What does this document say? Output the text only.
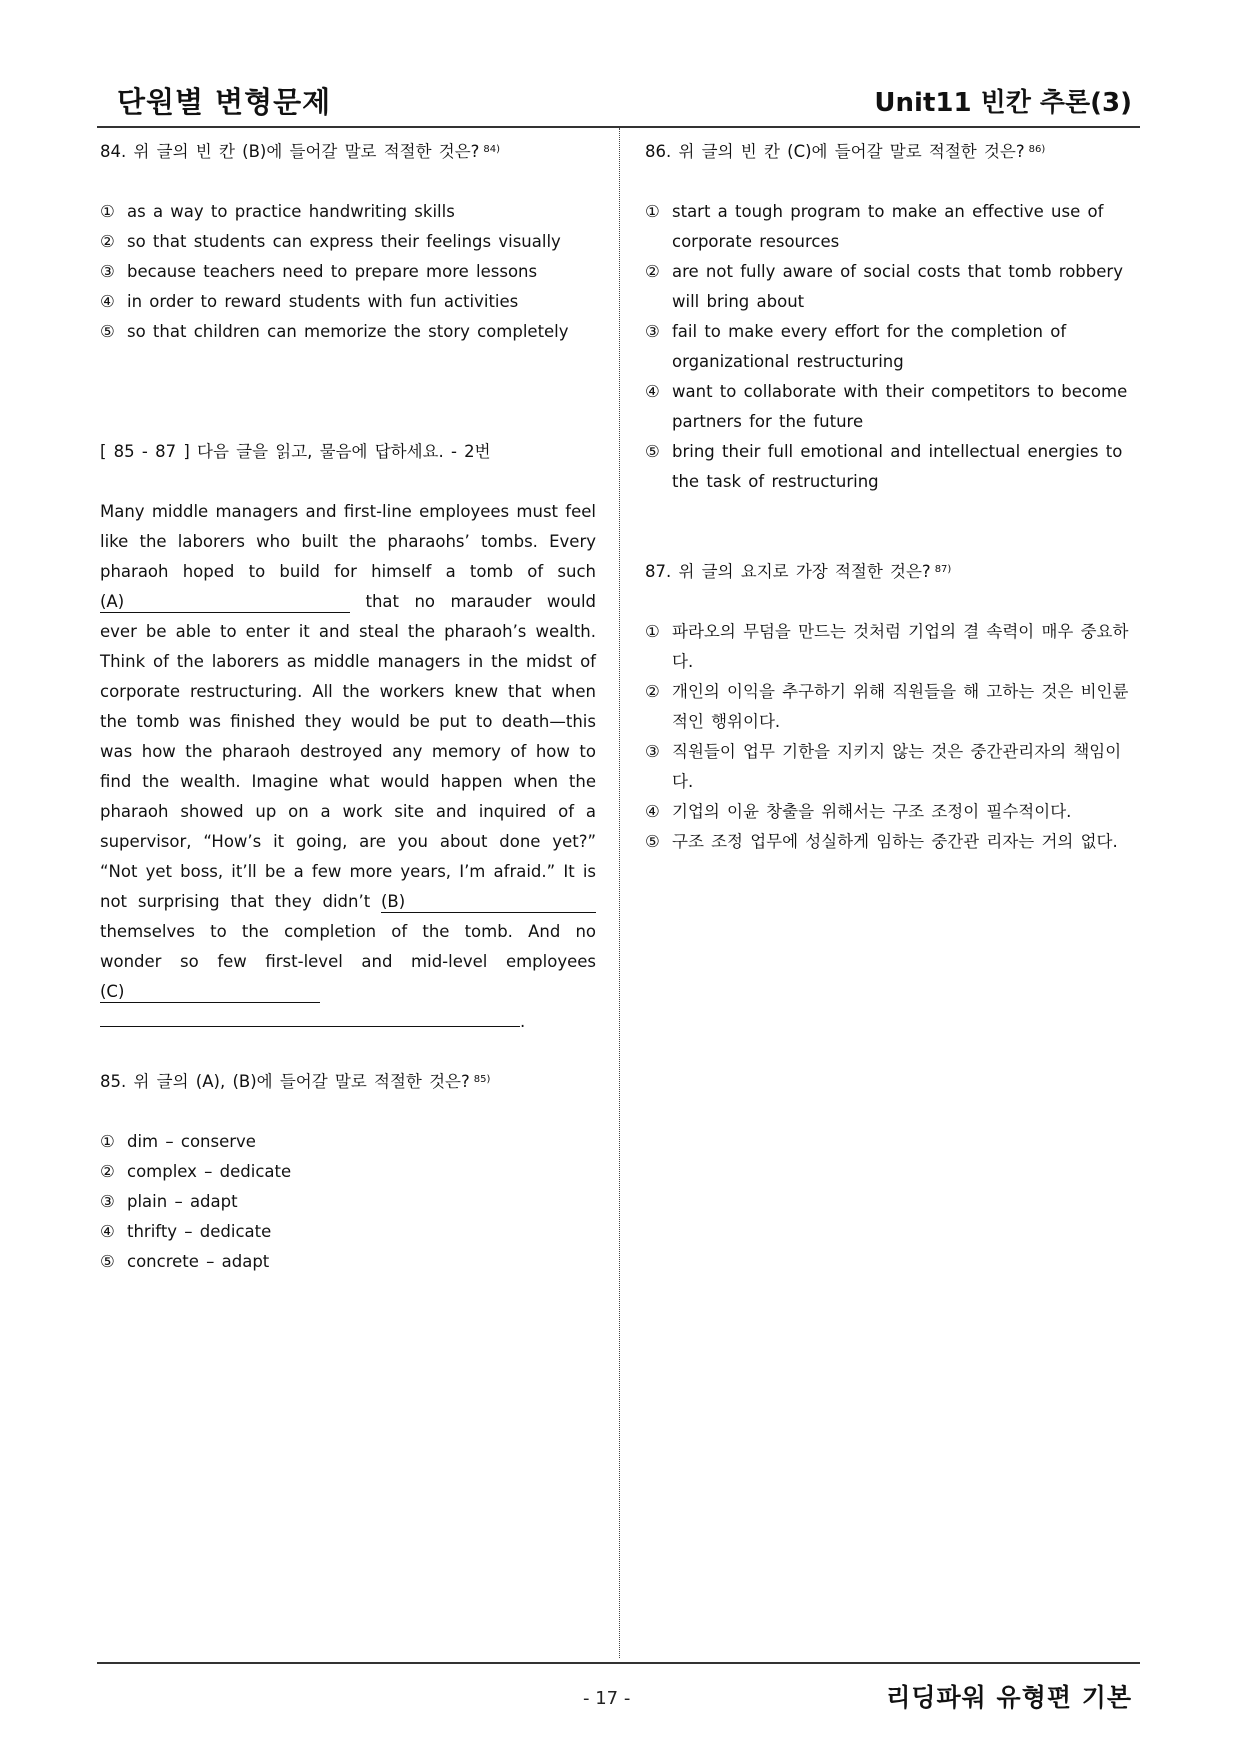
단원별 변형문제	Unit11 빈칸 추론(3)

84. 위 글의 빈 칸 (B)에 들어갈 말로 적절한 것은? $^{84)}$

① as a way to practice handwriting skills
② so that students can express their feelings visually
③ because teachers need to prepare more lessons
④ in order to reward students with fun activities
⑤ so that children can memorize the story completely

[ 85 - 87 ] 다음 글을 읽고, 물음에 답하세요. - 2번

Many middle managers and first-line employees must feel like the laborers who built the pharaohs’ tombs. Every pharaoh hoped to build for himself a tomb of such (A)	that no marauder would ever be able to enter it and steal the pharaoh’s wealth. Think of the laborers as middle managers in the midst of corporate restructuring. All the workers knew that when the tomb was finished they would be put to death—this was how the pharaoh destroyed any memory of how to find the wealth. Imagine what would happen when the pharaoh showed up on a work site and inquired of a supervisor, “How’s it going, are you about done yet?” “Not yet boss, it’ll be a few more years, I’m afraid.” It is not surprising that they didn’t (B) themselves to the completion of the tomb. And no wonder so few first-level and mid-level employees (C)
.

85. 위 글의 (A), (B)에 들어갈 말로 적절한 것은? $^{85)}$

① dim – conserve
② complex – dedicate
③ plain – adapt
④ thrifty – dedicate
⑤ concrete – adapt

86. 위 글의 빈 칸 (C)에 들어갈 말로 적절한 것은? $^{86)}$

① start a tough program to make an effective use of corporate resources
② are not fully aware of social costs that tomb robbery will bring about
③ fail to make every effort for the completion of organizational restructuring
④ want to collaborate with their competitors to become partners for the future
⑤ bring their full emotional and intellectual energies to the task of restructuring

87. 위 글의 요지로 가장 적절한 것은? $^{87)}$

① 파라오의 무덤을 만드는 것처럼 기업의 결 속력이 매우 중요하다.
② 개인의 이익을 추구하기 위해 직원들을 해 고하는 것은 비인륜적인 행위이다.
③ 직원들이 업무 기한을 지키지 않는 것은 중간관리자의 책임이다.
④ 기업의 이윤 창출을 위해서는 구조 조정이 필수적이다.
⑤ 구조 조정 업무에 성실하게 임하는 중간관 리자는 거의 없다.
- 17 -	리딩파워 유형편 기본
